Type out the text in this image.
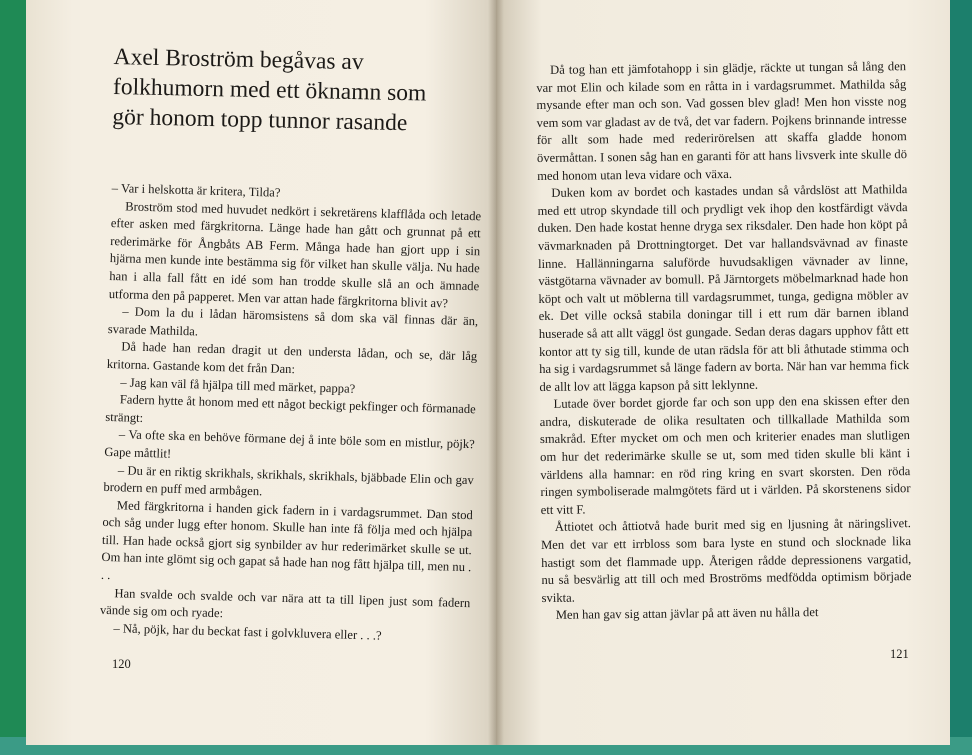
Axel Broström begåvas av
folkhumorn med ett öknamn som
gör honom topp tunnor rasande

– Var i helskotta är kritera, Tilda?

Broström stod med huvudet nedkört i sekretärens klafflåda och letade efter asken med färgkritorna. Länge hade han gått och grunnat på ett rederimärke för Ångbåts AB Ferm. Många hade han gjort upp i sin hjärna men kunde inte bestämma sig för vilket han skulle välja. Nu hade han i alla fall fått en idé som han trodde skulle slå an och ämnade utforma den på papperet. Men var attan hade färgkritorna blivit av?

– Dom la du i lådan häromsistens så dom ska väl finnas där än, svarade Mathilda.

Då hade han redan dragit ut den understa lådan, och se, där låg kritorna. Gastande kom det från Dan:

– Jag kan väl få hjälpa till med märket, pappa?

Fadern hytte åt honom med ett något beckigt pekfinger och förmanade strängt:

– Va ofte ska en behöve förmane dej å inte böle som en mistlur, pöjk? Gape måttlit!

– Du är en riktig skrikhals, skrikhals, skrikhals, bjäbbade Elin och gav brodern en puff med armbågen.

Med färgkritorna i handen gick fadern in i vardagsrummet. Dan stod och såg under lugg efter honom. Skulle han inte få följa med och hjälpa till. Han hade också gjort sig synbilder av hur rederimärket skulle se ut. Om han inte glömt sig och gapat så hade han nog fått hjälpa till, men nu . . .

Han svalde och svalde och var nära att ta till lipen just som fadern vände sig om och ryade:

– Nå, pöjk, har du beckat fast i golvkluvera eller . . .?

120

Då tog han ett jämfotahopp i sin glädje, räckte ut tungan så lång den var mot Elin och kilade som en råtta in i vardagsrummet. Mathilda såg mysande efter man och son. Vad gossen blev glad! Men hon visste nog vem som var gladast av de två, det var fadern. Pojkens brinnande intresse för allt som hade med rederirörelsen att skaffa gladde honom övermåttan. I sonen såg han en garanti för att hans livsverk inte skulle dö med honom utan leva vidare och växa.

Duken kom av bordet och kastades undan så vårdslöst att Mathilda med ett utrop skyndade till och prydligt vek ihop den kostfärdigt vävda duken. Den hade kostat henne dryga sex riksdaler. Den hade hon köpt på vävmarknaden på Drottningtorget. Det var hallandsvävnad av finaste linne. Hallänningarna saluförde huvudsakligen vävnader av linne, västgötarna vävnader av bomull. På Järntorgets möbelmarknad hade hon köpt och valt ut möblerna till vardagsrummet, tunga, gedigna möbler av ek. Det ville också stabila doningar till i ett rum där barnen ibland huserade så att allt väggl öst gungade. Sedan deras dagars upphov fått ett kontor att ty sig till, kunde de utan rädsla för att bli åthutade stimma och ha sig i vardagsrummet så länge fadern av borta. När han var hemma fick de allt lov att lägga kapson på sitt leklynne.

Lutade över bordet gjorde far och son upp den ena skissen efter den andra, diskuterade de olika resultaten och tillkallade Mathilda som smakråd. Efter mycket om och men och kriterier enades man slutligen om hur det rederimärke skulle se ut, som med tiden skulle bli känt i världens alla hamnar: en röd ring kring en svart skorsten. Den röda ringen symboliserade malmgötets färd ut i världen. På skorstenens sidor ett vitt F.

Åttiotet och åttiotvå hade burit med sig en ljusning åt näringslivet. Men det var ett irrbloss som bara lyste en stund och slocknade lika hastigt som det flammade upp. Återigen rådde depressionens vargatid, nu så besvärlig att till och med Broströms medfödda optimism började svikta.

Men han gav sig attan jävlar på att även nu hålla det

121
